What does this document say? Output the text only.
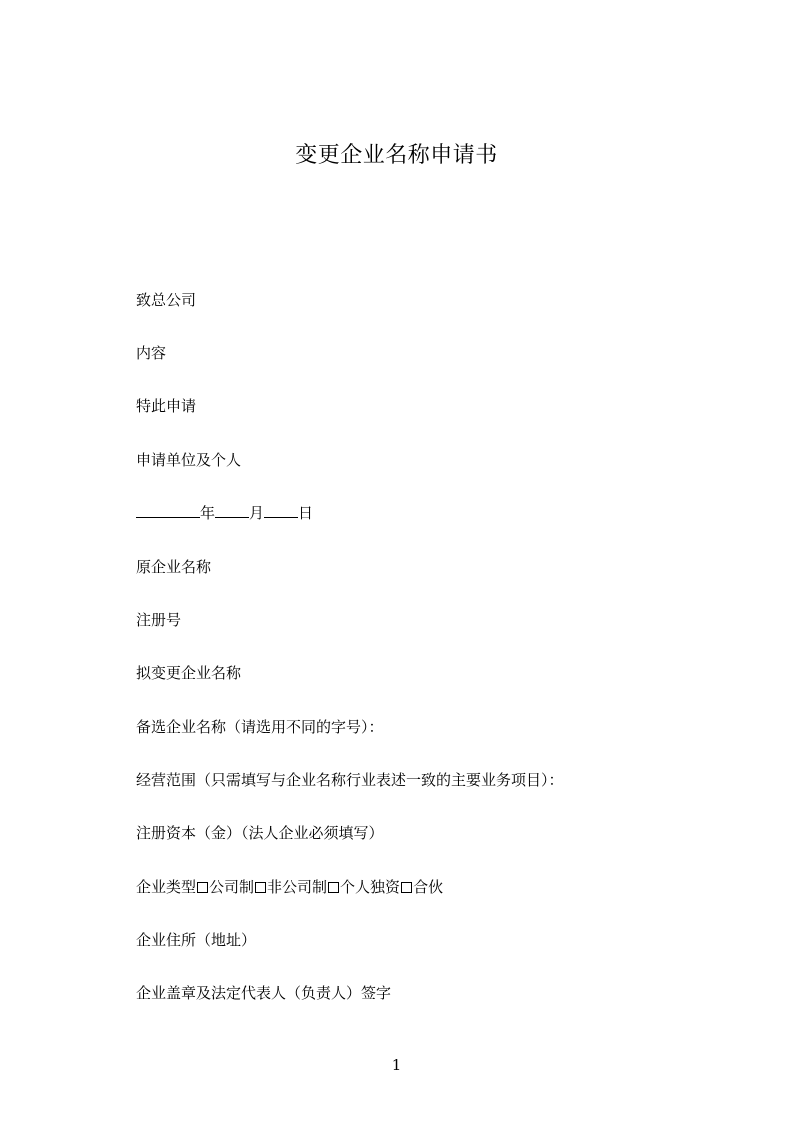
变更企业名称申请书
致总公司
内容
特此申请
申请单位及个人
年 月 日
原企业名称
注册号
拟变更企业名称
备选企业名称（请选用不同的字号）：
经营范围（只需填写与企业名称行业表述一致的主要业务项目）：
注册资本（金）（法人企业必须填写）
企业类型 公司制 非公司制 个人独资 合伙
企业住所（地址）
企业盖章及法定代表人（负责人）签字
1
